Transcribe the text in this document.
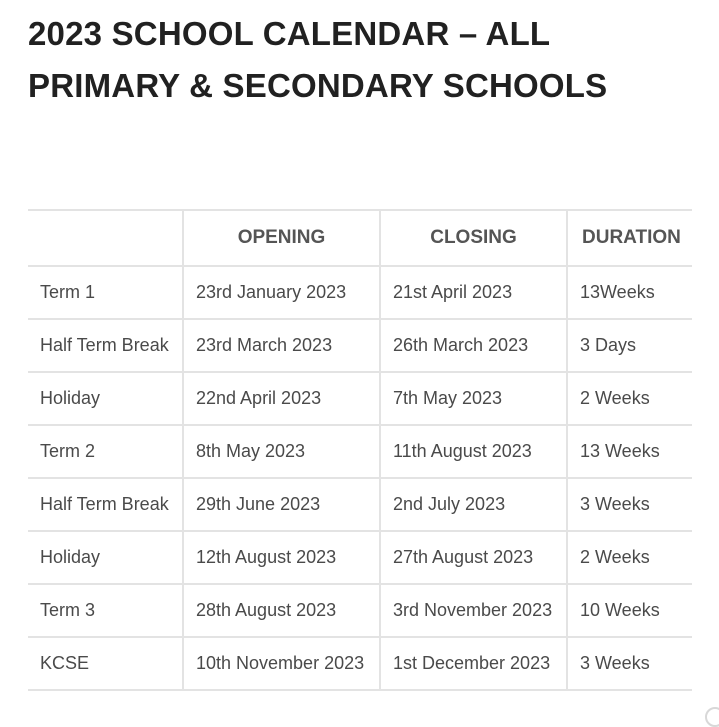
2023 SCHOOL CALENDAR – ALL PRIMARY & SECONDARY SCHOOLS
	OPENING	CLOSING	DURATION
Term 1	23rd January 2023	21st April 2023	13Weeks
Half Term Break	23rd March 2023	26th March 2023	3 Days
Holiday	22nd April 2023	7th May 2023	2 Weeks
Term 2	8th May 2023	11th August 2023	13 Weeks
Half Term Break	29th June 2023	2nd July 2023	3 Weeks
Holiday	12th August 2023	27th August 2023	2 Weeks
Term 3	28th August 2023	3rd November 2023	10 Weeks
KCSE	10th November 2023	1st December 2023	3 Weeks
